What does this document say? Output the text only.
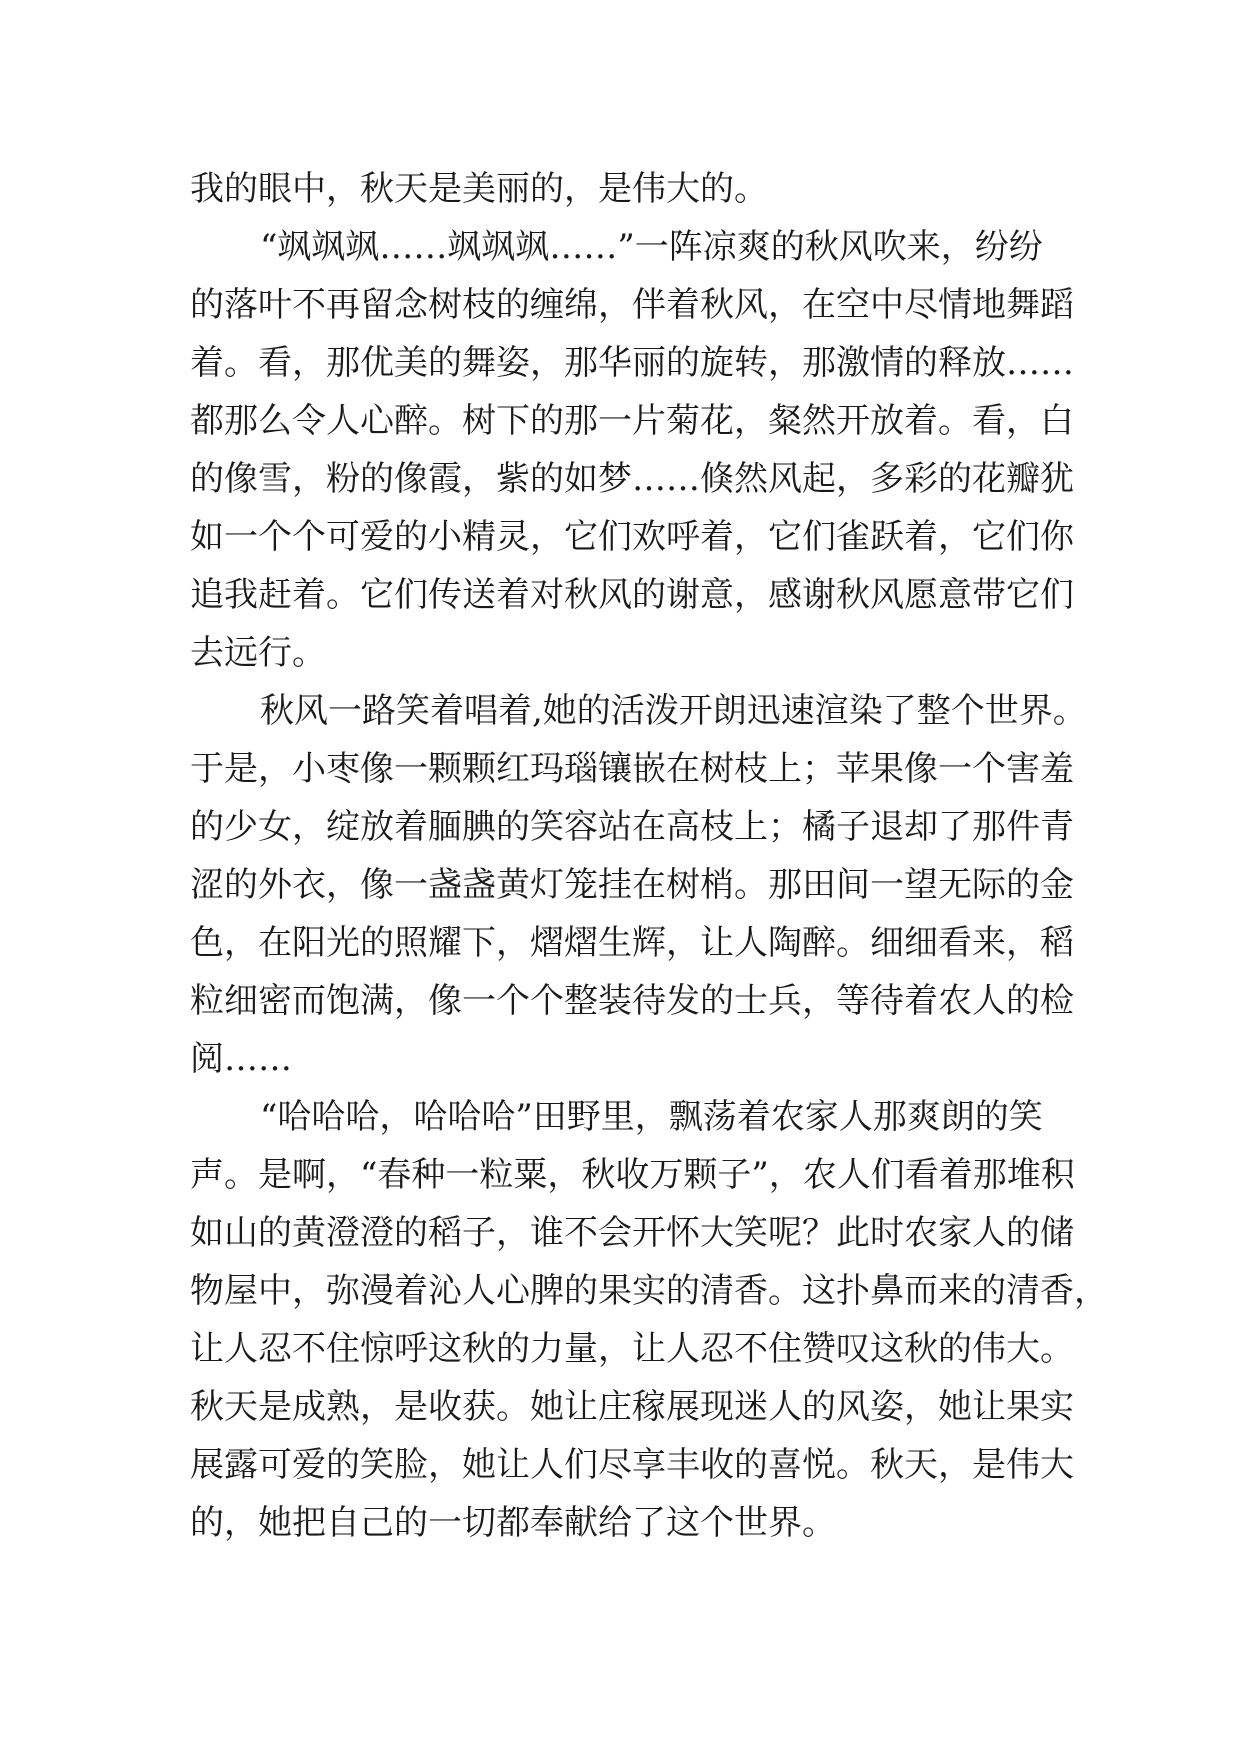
我的眼中，秋天是美丽的，是伟大的。
“飒飒飒……飒飒飒……”一阵凉爽的秋风吹来，纷纷
的落叶不再留念树枝的缠绵，伴着秋风，在空中尽情地舞蹈
着。看，那优美的舞姿，那华丽的旋转，那激情的释放……
都那么令人心醉。树下的那一片菊花，粲然开放着。看，白
的像雪，粉的像霞，紫的如梦……倏然风起，多彩的花瓣犹
如一个个可爱的小精灵，它们欢呼着，它们雀跃着，它们你
追我赶着。它们传送着对秋风的谢意，感谢秋风愿意带它们
去远行。
秋风一路笑着唱着,她的活泼开朗迅速渲染了整个世界。
于是，小枣像一颗颗红玛瑙镶嵌在树枝上；苹果像一个害羞
的少女，绽放着腼腆的笑容站在高枝上；橘子退却了那件青
涩的外衣，像一盏盏黄灯笼挂在树梢。那田间一望无际的金
色，在阳光的照耀下，熠熠生辉，让人陶醉。细细看来，稻
粒细密而饱满，像一个个整装待发的士兵，等待着农人的检
阅……
“哈哈哈，哈哈哈”田野里，飘荡着农家人那爽朗的笑
声。是啊，“春种一粒粟，秋收万颗子”，农人们看着那堆积
如山的黄澄澄的稻子，谁不会开怀大笑呢？此时农家人的储
物屋中，弥漫着沁人心脾的果实的清香。这扑鼻而来的清香，
让人忍不住惊呼这秋的力量，让人忍不住赞叹这秋的伟大。
秋天是成熟，是收获。她让庄稼展现迷人的风姿，她让果实
展露可爱的笑脸，她让人们尽享丰收的喜悦。秋天，是伟大
的，她把自己的一切都奉献给了这个世界。
